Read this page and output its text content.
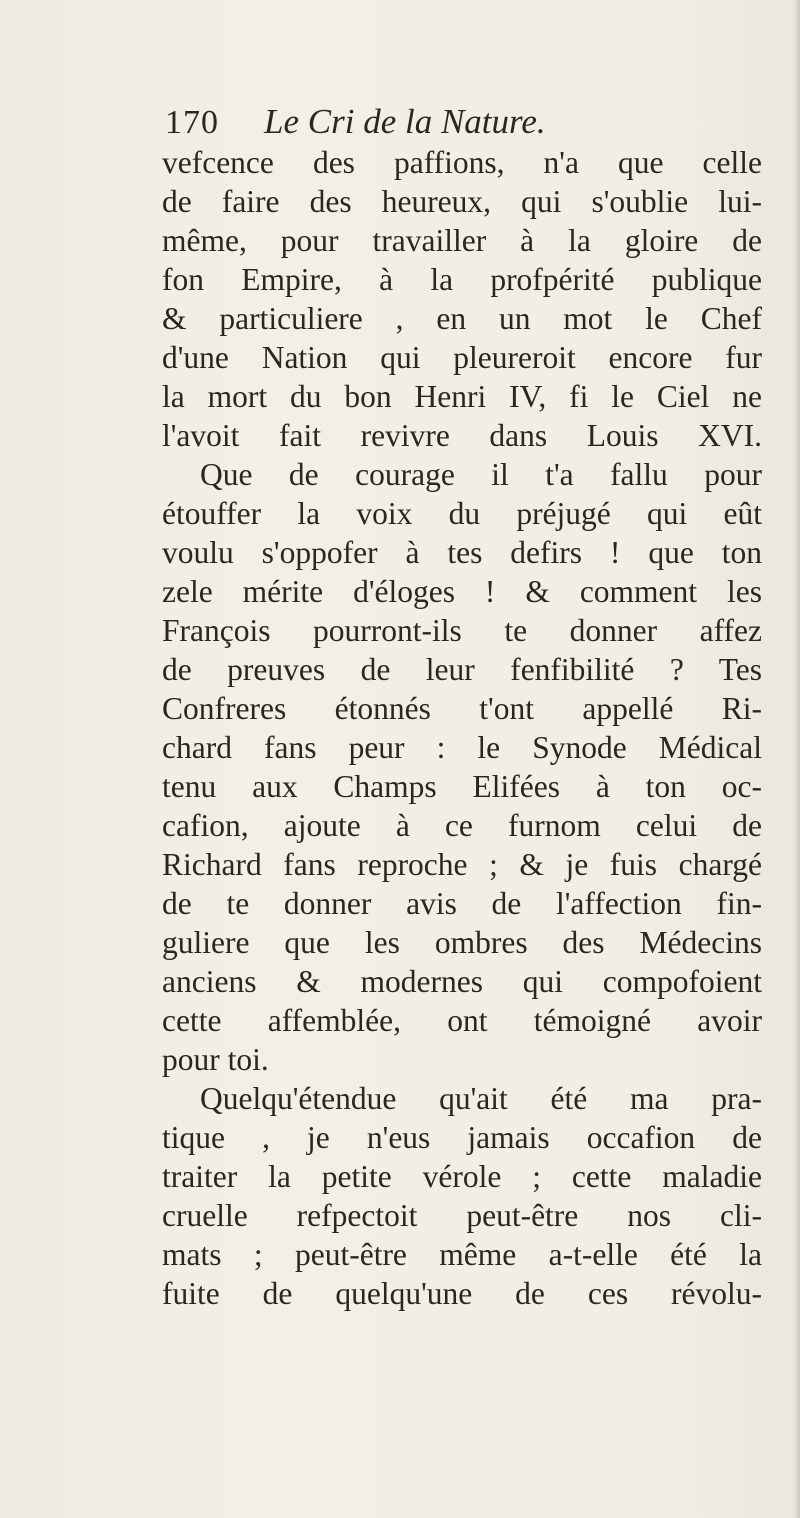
170 Le Cri de la Nature.
vefcence des paffions, n'a que celle
de faire des heureux, qui s'oublie lui-
même, pour travailler à la gloire de
fon Empire, à la profpérité publique
& particuliere , en un mot le Chef
d'une Nation qui pleureroit encore fur
la mort du bon Henri IV, fi le Ciel ne
l'avoit fait revivre dans Louis XVI.
Que de courage il t'a fallu pour
étouffer la voix du préjugé qui eût
voulu s'oppofer à tes defirs ! que ton
zele mérite d'éloges ! & comment les
François pourront-ils te donner affez
de preuves de leur fenfibilité ? Tes
Confreres étonnés t'ont appellé Ri-
chard fans peur : le Synode Médical
tenu aux Champs Elifées à ton oc-
cafion, ajoute à ce furnom celui de
Richard fans reproche ; & je fuis chargé
de te donner avis de l'affection fin-
guliere que les ombres des Médecins
anciens & modernes qui compofoient
cette affemblée, ont témoigné avoir
pour toi.
Quelqu'étendue qu'ait été ma pra-
tique , je n'eus jamais occafion de
traiter la petite vérole ; cette maladie
cruelle refpectoit peut-être nos cli-
mats ; peut-être même a-t-elle été la
fuite de quelqu'une de ces révolu-
